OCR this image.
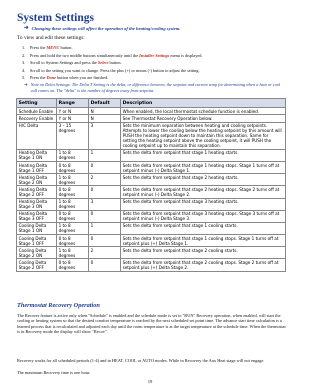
System Settings
➔ Changing these settings will affect the operation of the heating/cooling system.
To view and edit these settings:
1.	Press the MENU button.
2.	Press and hold the two middle buttons simultaneously until the Installer Settings menu is displayed.
3.	Scroll to System Settings and press the Select button.
4.	Scroll to the setting you want to change. Press the plus (+) or minus (-) button to adjust the setting.
5.	Press the Done button when you are finished.
➔ Note on Delta Settings: The Delta T Setting is the delta, or difference between, the setpoint and current temp for determining when a heat or cool call comes on. The "delta" is the number of degrees away from setpoint.
Setting	Range	Default	Description
Schedule Enable	Y or N	N	When enabled, the local thermostat schedule function is enabled.
Recovery Enable	Y or N	N	See Thermostat Recovery Operation below.
H/C Delta	3 – 15 degrees	3	Sets the minimum separation between heating and cooling setpoints. Attempts to lower the cooling below the heating setpoint by this amount will PUSH the heating setpoint down to maintain this separation. Same for setting the heating setpoint above the cooling setpoint, it will PUSH the cooling setpoint up to maintain this separation.
Heating Delta Stage 1 ON	1 to 8 degrees	1	Sets the delta from setpoint that stage 1 heating starts.
Heating Delta Stage 1 OFF	0 to 8 degrees	0	Sets the delta from setpoint that stage 1 heating stops. Stage 1 turns off at setpoint minus (-) Delta Stage 1.
Heating Delta Stage 2 ON	1 to 8 degrees	2	Sets the delta from setpoint that stage 2 heating starts.
Heating Delta Stage 2 OFF	0 to 8 degrees	0	Sets the delta from setpoint that stage 2 heating stops. Stage 2 turns off at setpoint minus (-) Delta Stage 2.
Heating Delta Stage 3 ON	1 to 8 degrees	3	Sets the delta from setpoint that stage 3 heating starts.
Heating Delta Stage 3 OFF	0 to 8 degrees	0	Sets the delta from setpoint that stage 3 heating stops. Stage 3 turns off at setpoint minus (-) Delta Stage 3.
Cooling Delta Stage 1 ON	1 to 8 degrees	1	Sets the delta from setpoint that stage 1 cooling starts.
Cooling Delta Stage 1 OFF	0 to 8 degrees	0	Sets the delta from setpoint that stage 1 cooling stops. Stage 1 turns off at setpoint plus (+) Delta Stage 1.
Cooling Delta Stage 2 ON	1 to 8 degrees	2	Sets the delta from setpoint that stage 2 cooling starts.
Cooling Delta Stage 2 OFF	0 to 8 degrees	0	Sets the delta from setpoint that stage 2 cooling stops. Stage 2 turns off at setpoint plus (+) Delta Stage 2.
Thermostat Recovery Operation

The Recover feature is active only when "Schedule" is enabled and the schedule mode is set to "RUN" Recovery operation, when enabled, will start the cooling or heating system so that the desired comfort temperature is reached by the next scheduled set point time. The advance start time calculation is a learned process that is recalculated and adjusted each day until the room temperature is at the target temperature at the schedule time. When the thermostat is in Recovery mode the display will show "Recov".

Recovery works for all scheduled periods (1-4) and in HEAT, COOL or AUTO modes. While in Recovery the Aux Heat stage will not engage.

The maximum Recovery time is one hour.

19
